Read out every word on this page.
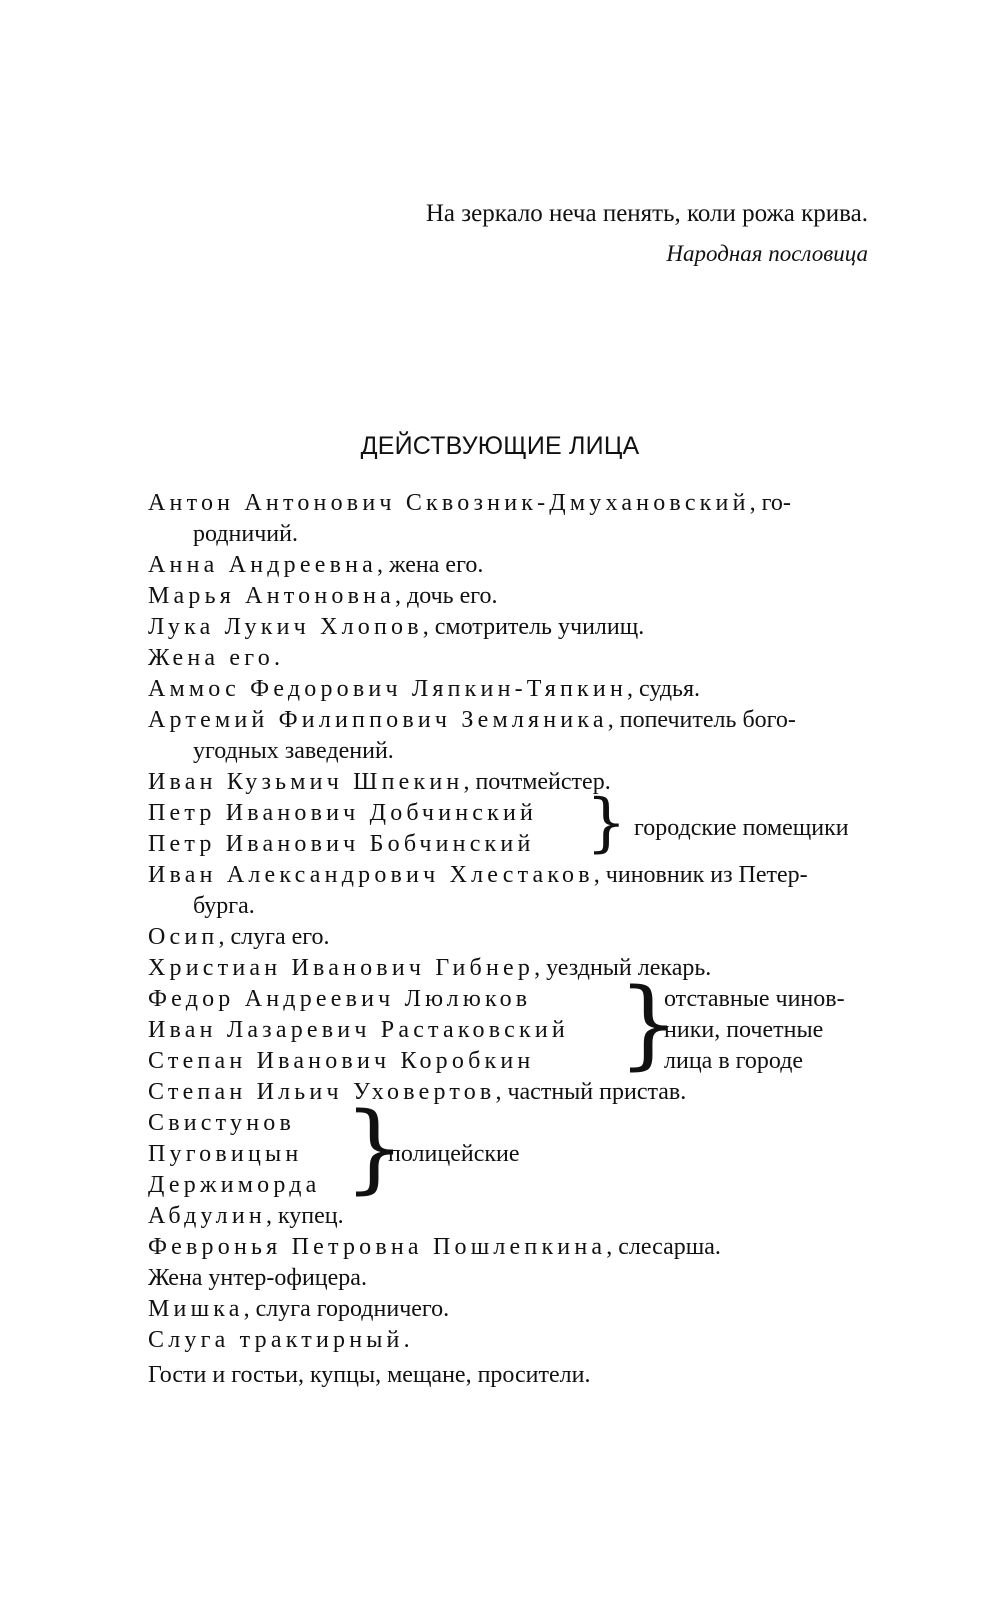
На зеркало неча пенять, коли рожа крива.
Народная пословица
ДЕЙСТВУЮЩИЕ ЛИЦА
Антон Антонович Сквозник-Дмухановский, го-
родничий.
Анна Андреевна, жена его.
Марья Антоновна, дочь его.
Лука Лукич Хлопов, смотритель училищ.
Жена его.
Аммос Федорович Ляпкин-Тяпкин, судья.
Артемий Филиппович Земляника, попечитель бого-
угодных заведений.
Иван Кузьмич Шпекин, почтмейстер.
Петр Иванович Добчинский
Петр Иванович Бобчинский } городские помещики
Иван Александрович Хлестаков, чиновник из Петер-
бурга.
Осип, слуга его.
Христиан Иванович Гибнер, уездный лекарь.
Федор Андреевич Люлюков
Иван Лазаревич Растаковский
Степан Иванович Коробкин }
отставные чинов-
ники, почетные
лица в городе
Степан Ильич Уховертов, частный пристав.
Свистунов
Пуговицын
Держиморда }
полицейские
Абдулин, купец.
Февронья Петровна Пошлепкина, слесарша.
Жена унтер-офицера.
Мишка, слуга городничего.
Слуга трактирный.
Гости и гостьи, купцы, мещане, просители.
